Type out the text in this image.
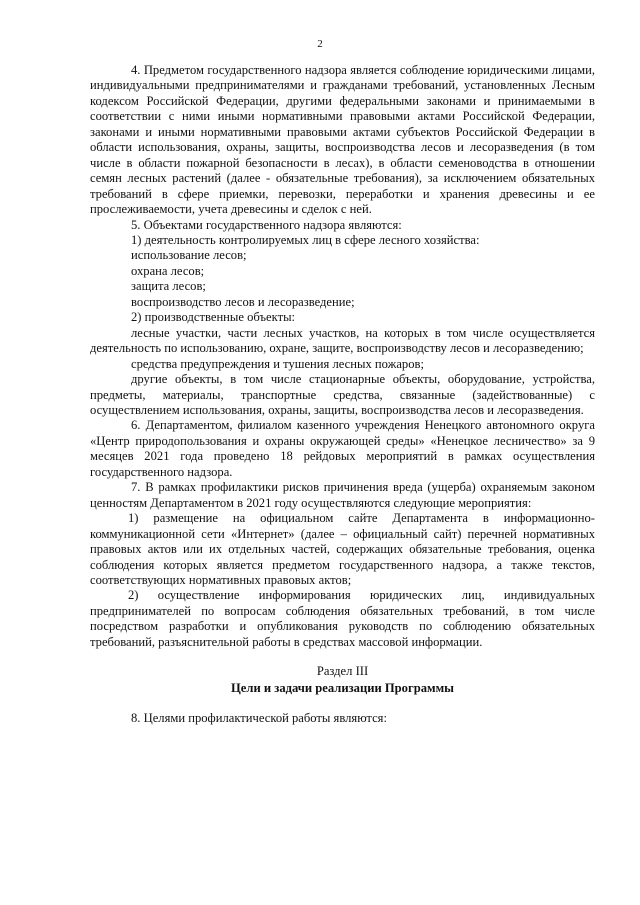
2

4. Предметом государственного надзора является соблюдение юридическими лицами, индивидуальными предпринимателями и гражданами требований, установленных Лесным кодексом Российской Федерации, другими федеральными законами и принимаемыми в соответствии с ними иными нормативными правовыми актами Российской Федерации, законами и иными нормативными правовыми актами субъектов Российской Федерации в области использования, охраны, защиты, воспроизводства лесов и лесоразведения (в том числе в области пожарной безопасности в лесах), в области семеноводства в отношении семян лесных растений (далее - обязательные требования), за исключением обязательных требований в сфере приемки, перевозки, переработки и хранения древесины и ее прослеживаемости, учета древесины и сделок с ней.

5. Объектами государственного надзора являются:

1) деятельность контролируемых лиц в сфере лесного хозяйства:

использование лесов;

охрана лесов;

защита лесов;

воспроизводство лесов и лесоразведение;

2) производственные объекты:

лесные участки, части лесных участков, на которых в том числе осуществляется деятельность по использованию, охране, защите, воспроизводству лесов и лесоразведению;

средства предупреждения и тушения лесных пожаров;

другие объекты, в том числе стационарные объекты, оборудование, устройства, предметы, материалы, транспортные средства, связанные (задействованные) с осуществлением использования, охраны, защиты, воспроизводства лесов и лесоразведения.

6. Департаментом, филиалом казенного учреждения Ненецкого автономного округа «Центр природопользования и охраны окружающей среды» «Ненецкое лесничество» за 9 месяцев 2021 года проведено 18 рейдовых мероприятий в рамках осуществления государственного надзора.

7. В рамках профилактики рисков причинения вреда (ущерба) охраняемым законом ценностям Департаментом в 2021 году осуществляются следующие мероприятия:

1) размещение на официальном сайте Департамента в информационно-коммуникационной сети «Интернет» (далее – официальный сайт) перечней нормативных правовых актов или их отдельных частей, содержащих обязательные требования, оценка соблюдения которых является предметом государственного надзора, а также текстов, соответствующих нормативных правовых актов;

2) осуществление информирования юридических лиц, индивидуальных предпринимателей по вопросам соблюдения обязательных требований, в том числе посредством разработки и опубликования руководств по соблюдению обязательных требований, разъяснительной работы в средствах массовой информации.

Раздел III

Цели и задачи реализации Программы

8. Целями профилактической работы являются:
